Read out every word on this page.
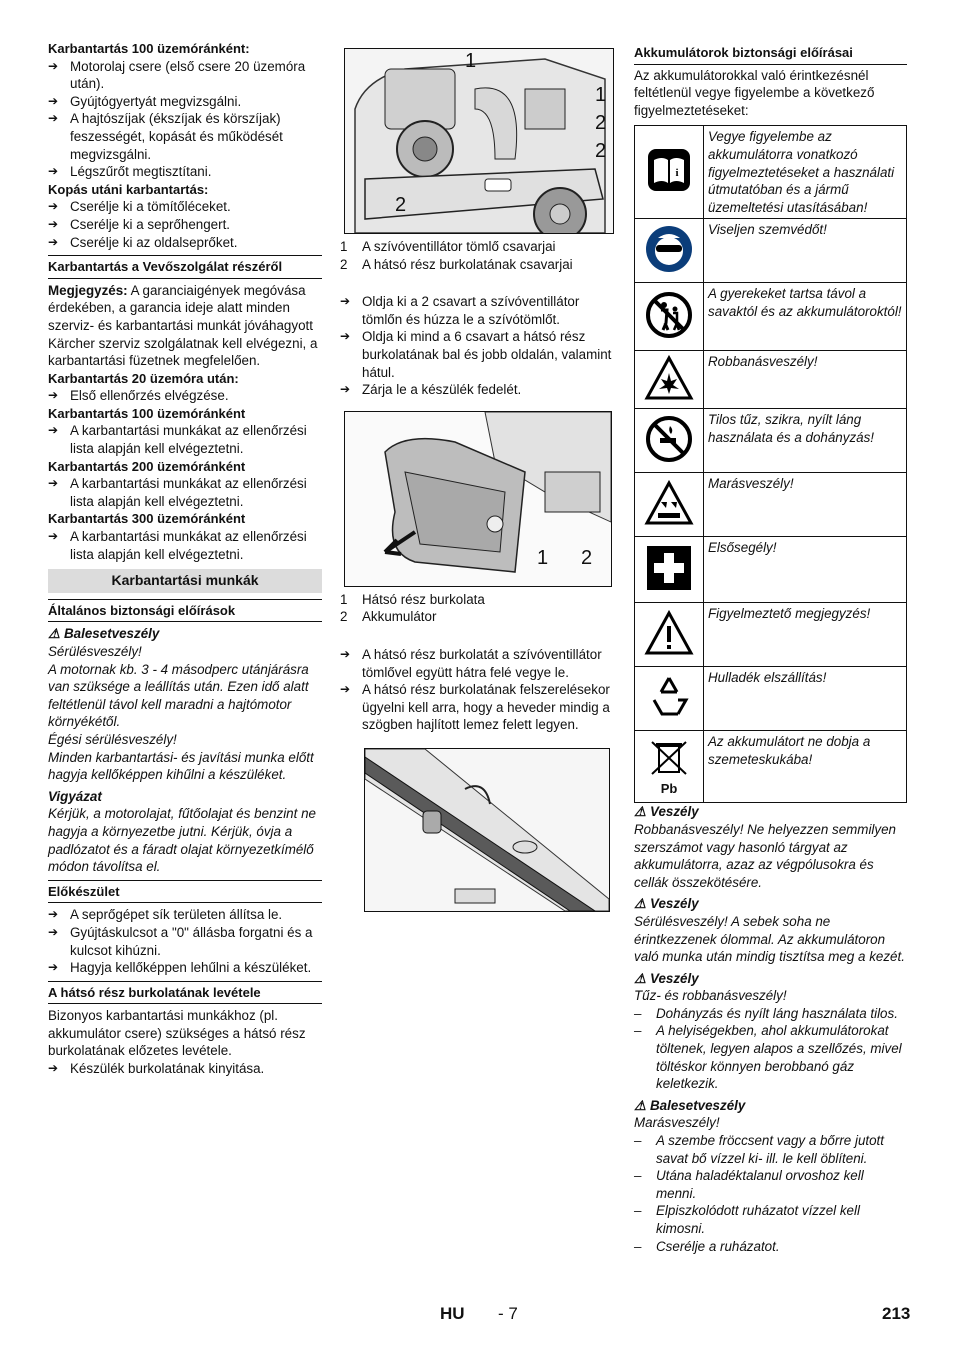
Karbantartás 100 üzemóránként:
➔ Motorolaj csere (első csere 20 üzemóra után).
➔ Gyújtógyertyát megvizsgálni.
➔ A hajtószíjak (ékszíjak és körszíjak) feszességét, kopását és működését megvizsgálni.
➔ Légszűrőt megtisztítani.
Kopás utáni karbantartás:
➔ Cserélje ki a tömítőléceket.
➔ Cserélje ki a seprőhengert.
➔ Cserélje ki az oldalseprőket.
Karbantartás a Vevőszolgálat részéről
Megjegyzés: A garanciaigények megóvása érdekében, a garancia ideje alatt minden szerviz- és karbantartási munkát jóváhagyott Kärcher szerviz szolgálatnak kell elvégezni, a karbantartási füzetnek megfelelően.
Karbantartás 20 üzemóra után:
➔ Első ellenőrzés elvégzése.
Karbantartás 100 üzemóránként
➔ A karbantartási munkákat az ellenőrzési lista alapján kell elvégeztetni.
Karbantartás 200 üzemóránként
➔ A karbantartási munkákat az ellenőrzési lista alapján kell elvégeztetni.
Karbantartás 300 üzemóránként
➔ A karbantartási munkákat az ellenőrzési lista alapján kell elvégeztetni.
Karbantartási munkák
Általános biztonsági előírások
⚠ Balesetveszély
Sérülésveszély!
A motornak kb. 3 - 4 másodperc utánjárásra van szüksége a leállítás után. Ezen idő alatt feltétlenül távol kell maradni a hajtómotor környékétől.
Égési sérülésveszély!
Minden karbantartási- és javítási munka előtt hagyja kellőképpen kihűlni a készüléket.
Vigyázat
Kérjük, a motorolajat, fűtőolajat és benzint ne hagyja a környezetbe jutni. Kérjük, óvja a padlózatot és a fáradt olajat környezetkímélő módon távolítsa el.
Előkészület
➔ A seprőgépet sík területen állítsa le.
➔ Gyújtáskulcsot a "0" állásba forgatni és a kulcsot kihúzni.
➔ Hagyja kellőképpen lehűlni a készüléket.
A hátsó rész burkolatának levétele
Bizonyos karbantartási munkákhoz (pl. akkumulátor csere) szükséges a hátsó rész burkolatának előzetes levétele.
➔ Készülék burkolatának kinyitása.
1
1
2
2
2
1	A szívóventillátor tömlő csavarjai
2	A hátsó rész burkolatának csavarjai
➔ Oldja ki a 2 csavart a szívóventillátor tömlőn és húzza le a szívótömlőt.
➔ Oldja ki mind a 6 csavart a hátsó rész burkolatának bal és jobb oldalán, valamint hátul.
➔ Zárja le a készülék fedelét.
1 2
1	Hátsó rész burkolata
2	Akkumulátor
➔ A hátsó rész burkolatát a szívóventillátor tömlővel együtt hátra felé vegye le.
➔ A hátsó rész burkolatának felszerelésekor ügyelni kell arra, hogy a heveder mindig a szögben hajlított lemez felett legyen.
Akkumulátorok biztonsági előírásai
Az akkumulátorokkal való érintkezésnél feltétlenül vegye figyelembe a következő figyelmeztetéseket:
i	Vegye figyelembe az akkumulátorra vonatkozó figyelmeztetéseket a használati útmutatóban és a jármű üzemeltetési utasításában!
	Viseljen szemvédőt!
	A gyerekeket tartsa távol a savaktól és az akkumulátoroktól!
	Robbanásveszély!
	Tilos tűz, szikra, nyílt láng használata és a dohányzás!
	Marásveszély!
	Elsősegély!
	Figyelmeztető megjegyzés!
	Hulladék elszállítás!

Pb	Az akkumulátort ne dobja a szemeteskukába!
⚠ Veszély
Robbanásveszély! Ne helyezzen semmilyen szerszámot vagy hasonló tárgyat az akkumulátorra, azaz az végpólusokra és cellák összekötésére.
⚠ Veszély
Sérülésveszély! A sebek soha ne érintkezzenek ólommal. Az akkumulátoron való munka után mindig tisztítsa meg a kezét.
⚠ Veszély
Tűz- és robbanásveszély!
–	Dohányzás és nyílt láng használata tilos.
–	A helyiségekben, ahol akkumulátorokat töltenek, legyen alapos a szellőzés, mivel töltéskor könnyen berobbanó gáz keletkezik.
⚠ Balesetveszély
Marásveszély!
–	A szembe fröccsent vagy a bőrre jutott savat bő vízzel ki- ill. le kell öblíteni.
–	Utána haladéktalanul orvoshoz kell menni.
–	Elpiszkolódott ruházatot vízzel kell kimosni.
–	Cserélje a ruházatot.
HU - 7	213
